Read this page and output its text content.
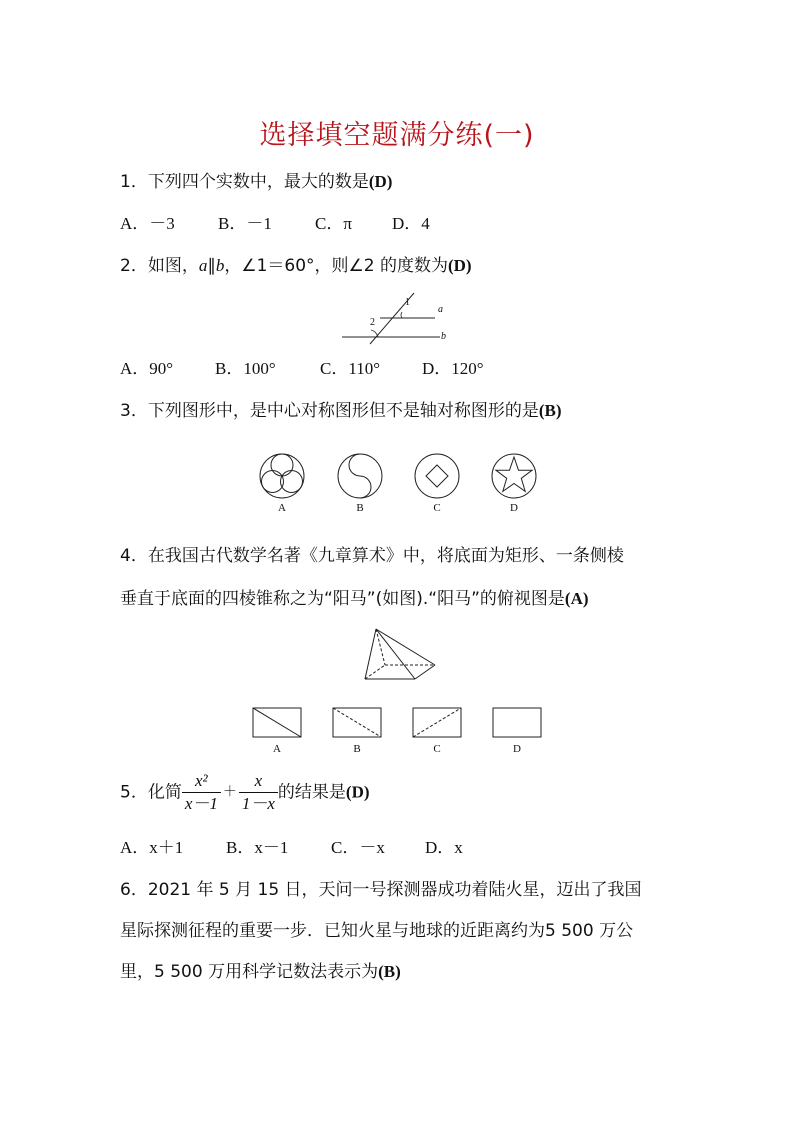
选择填空题满分练(一)
1．下列四个实数中，最大的数是(D)
A．－3	B．－1	C．π D．4
2．如图，a∥b，∠1＝60°，则∠2 的度数为(D)
1
2
a
b
A．90° B．100°	C．110° D．120°
3．下列图形中，是中心对称图形但不是轴对称图形的是(B)
A	B	C	D
4．在我国古代数学名著《九章算术》中，将底面为矩形、一条侧棱
垂直于底面的四棱锥称之为“阳马”(如图).“阳马”的俯视图是(A)
A	B	C	D
5．化简 $\frac{\text{x²}}{x-1} + \frac{x}{1-x}$ 的结果是(D)
A．x＋1	B．x－1	C．－x D．x
6．2021 年 5 月 15 日，天问一号探测器成功着陆火星，迈出了我国
星际探测征程的重要一步．已知火星与地球的近距离约为5 500 万公
里，5 500 万用科学记数法表示为(B)
